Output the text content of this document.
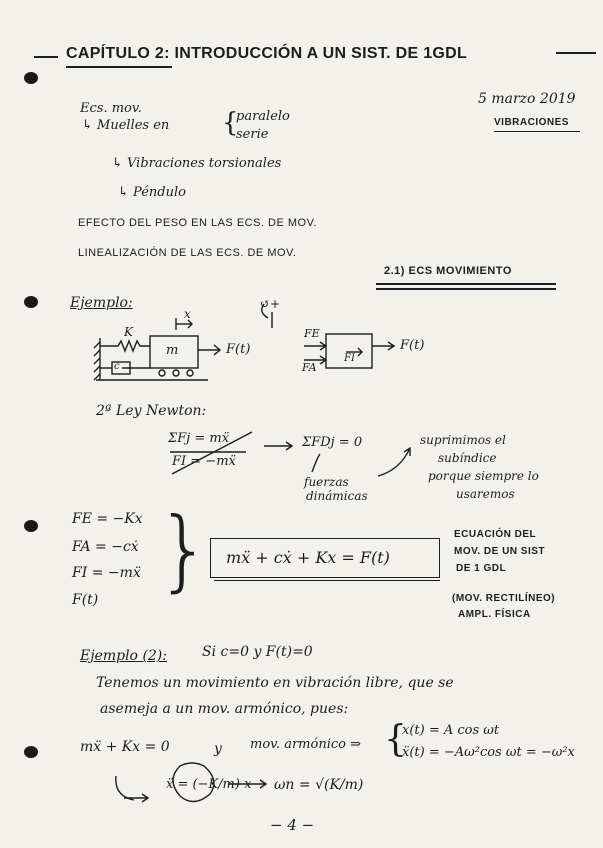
CAPÍTULO 2: INTRODUCCIÓN A UN SIST. DE 1GDL
5 marzo 2019
VIBRACIONES
Ecs. mov.
↳ Muelles en {
paralelo
serie
↳ Vibraciones torsionales
↳ Péndulo
EFECTO DEL PESO EN LAS ECS. DE MOV.
LINEALIZACIÓN DE LAS ECS. DE MOV.
2.1) ECS MOVIMIENTO
Ejemplo:
K
c
m
x
F(t)
↺+
FE
FA
FI
F(t)
2ª Ley Newton:
ΣFj = mẍ
FI = −mẍ
ΣFDj = 0
fuerzas
dinámicas
suprimimos el
subíndice
porque siempre lo
usaremos
FE = −Kx
FA = −cẋ
FI = −mẍ
F(t) } mẍ + cẋ + Kx = F(t)
ECUACIÓN DEL
MOV. DE UN SIST
DE 1 GDL
(MOV. RECTILÍNEO)
AMPL. FÍSICA
Ejemplo (2):	Si c=0 y F(t)=0
Tenemos un movimiento en vibración libre, que se
asemeja a un mov. armónico, pues:
mẍ + Kx = 0	y mov. armónico ⇒ {
x(t) = A cos ωt
ẍ(t) = −Aω²cos ωt = −ω²x
ẍ = (−K/m) x ωn = √(K/m)
− 4 −
